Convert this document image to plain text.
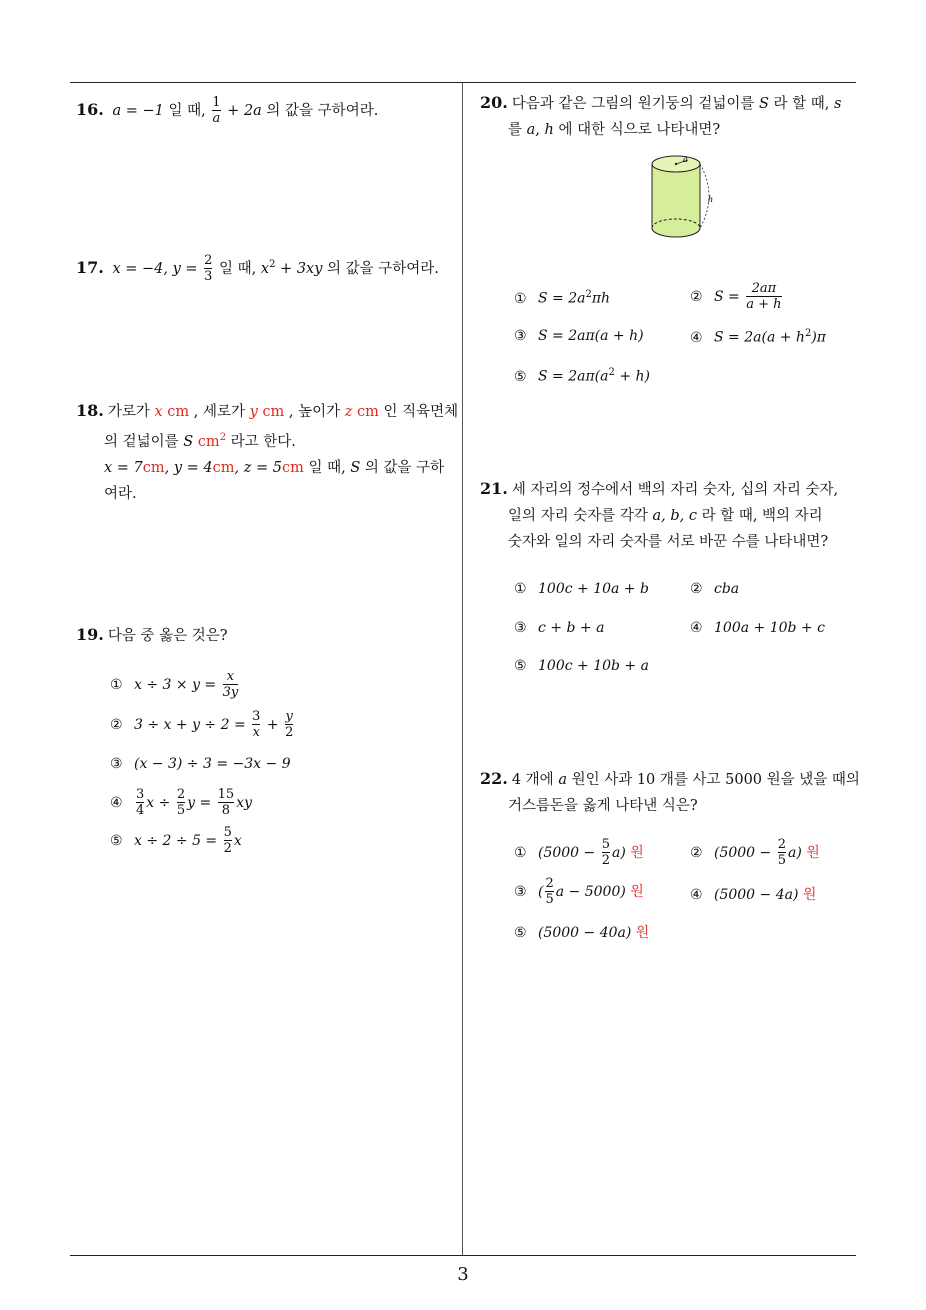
3
16. a = −1 일 때, $\frac{1}{a} + 2a$ 의 값을 구하여라.
17. x = −4, $y = \frac{2}{3}$ 일 때, $x^2 + 3xy$ 의 값을 구하여라.
18. 가로가 x cm , 세로가 y cm , 높이가 z cm 인 직육면체
의 겉넓이를 S $cm^2$ 라고 한다.
x = 7cm, y = 4cm, z = 5cm 일 때, S 의 값을 구하
여라.
19. 다음 중 옳은 것은?
① $x \div 3 \times y = \frac{x}{3y}$
② $3 \div x + y \div 2 = \frac{3}{x} + \frac{y}{2}$
③ (x − 3) ÷ 3 = −3x − 9
④ $\frac{3}{4}$ $x \div \frac{2}{5}$ $y = \frac{15}{8}$ xy
⑤ $x \div 2 \div 5 = \frac{5}{2}$ x
20. 다음과 같은 그림의 원기둥의 겉넓이를 S 라 할 때, s
를 a, h 에 대한 식으로 나타내면?
a
h
① $S = 2a^2\pi h$	② $S = \frac{2a\pi}{a + h}$
③ S = 2aπ(a + h)	④ $S = 2a(a + h^2)\pi$
⑤ $S = 2a\pi(a^2 + h)$
21. 세 자리의 정수에서 백의 자리 숫자, 십의 자리 숫자,
일의 자리 숫자를 각각 a, b, c 라 할 때, 백의 자리
숫자와 일의 자리 숫자를 서로 바꾼 수를 나타내면?
① 100c + 10a + b	② cba
③ c + b + a	④ 100a + 10b + c
⑤ 100c + 10b + a
22. 4 개에 a 원인 사과 10 개를 사고 5000 원을 냈을 때의
거스름돈을 옳게 나타낸 식은?
① $(5000 - \frac{5}{2} a)$ 원	② $(5000 - \frac{2}{5} a)$ 원
③ ( $\frac{2}{5}$ a − 5000) 원	④ (5000 − 4a) 원
⑤ (5000 − 40a) 원
